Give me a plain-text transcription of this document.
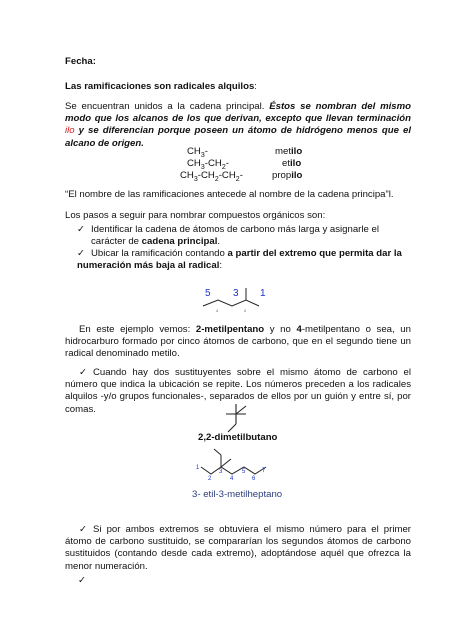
Fecha:
Las ramificaciones son radicales alquilos:
Se encuentran unidos a la cadena principal. Éstos se nombran del mismo modo que los alcanos de los que derivan, excepto que llevan terminación ilo y se diferencian porque poseen un átomo de hidrógeno menos que el alcano de origen.
$CH_3-$	metilo
$CH_3-CH_2-$	etilo
$CH_3-CH_2-CH_2-$	propilo
“El nombre de las ramificaciones antecede al nombre de la cadena principa”l.
Los pasos a seguir para nombrar compuestos orgánicos son:
✓ Identificar la cadena de átomos de carbono más larga y asignarle el
carácter de cadena principal.
✓ Ubicar la ramificación contando a partir del extremo que permita dar la
numeración más baja al radical:
5 3 1
4	2
En este ejemplo vemos: 2-metilpentano y no 4-metilpentano o sea, un hidrocarburo formado por cinco átomos de carbono, que en el segundo tiene un radical denominado metilo.
✓ Cuando hay dos sustituyentes sobre el mismo átomo de carbono el número que indica la ubicación se repite. Los números preceden a los radicales alquilos -y/o grupos funcionales-, separados de ellos por un guión y entre sí, por comas.
2,2-dimetilbutano
1
2
3
4
5
6
7
3- etil-3-metilheptano
✓ Si por ambos extremos se obtuviera el mismo número para el primer átomo de carbono sustituido, se compararían los segundos átomos de carbono sustituidos (contando desde cada extremo), adoptándose aquél que ofrezca la menor numeración.
✓
